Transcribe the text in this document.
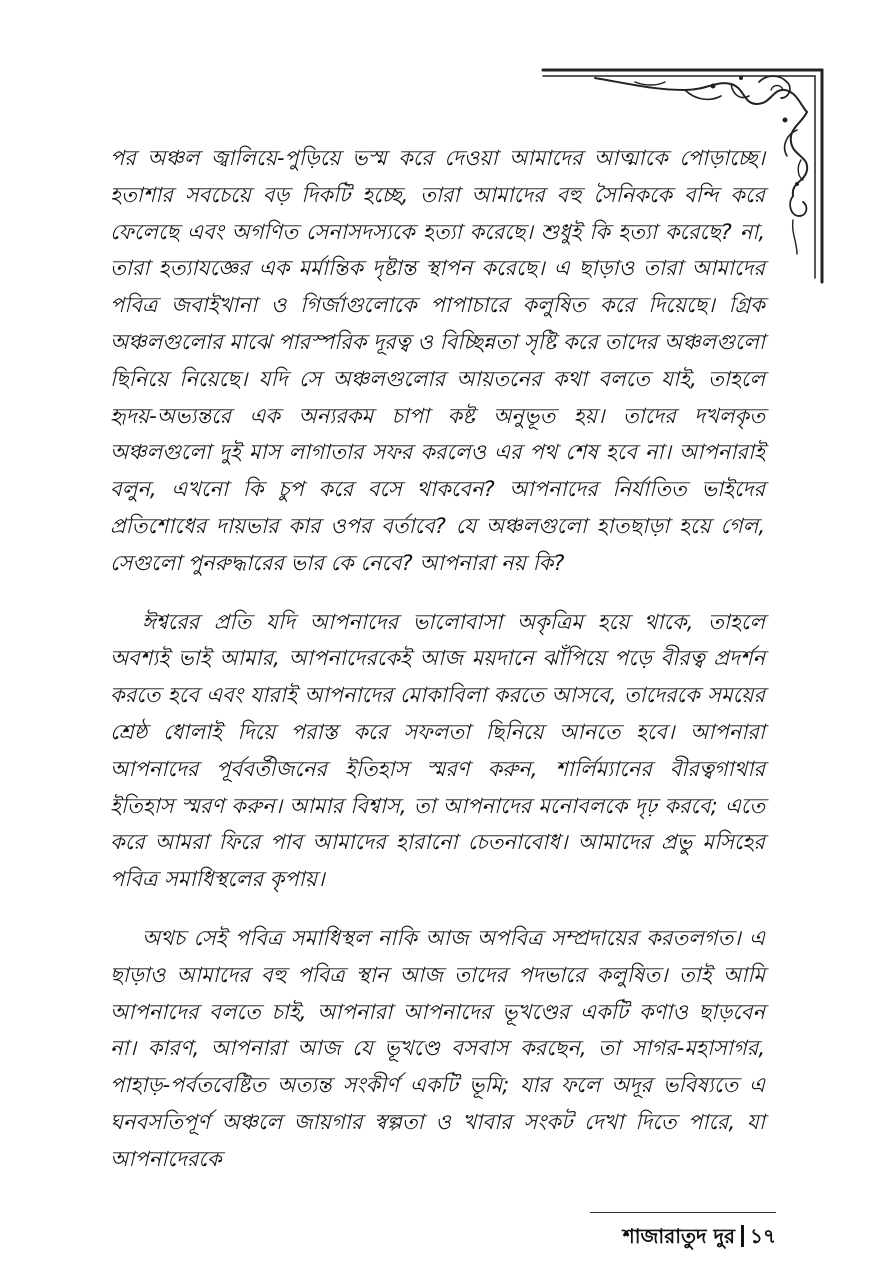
পর অঞ্চল জ্বালিয়ে-পুড়িয়ে ভস্ম করে দেওয়া আমাদের আত্মাকে পোড়াচ্ছে। হতাশার সবচেয়ে বড় দিকটি হচ্ছে, তারা আমাদের বহু সৈনিককে বন্দি করে ফেলেছে এবং অগণিত সেনাসদস্যকে হত্যা করেছে। শুধুই কি হত্যা করেছে? না, তারা হত্যাযজ্ঞের এক মর্মান্তিক দৃষ্টান্ত স্থাপন করেছে। এ ছাড়াও তারা আমাদের পবিত্র জবাইখানা ও গির্জাগুলোকে পাপাচারে কলুষিত করে দিয়েছে। গ্রিক অঞ্চলগুলোর মাঝে পারস্পরিক দূরত্ব ও বিচ্ছিন্নতা সৃষ্টি করে তাদের অঞ্চলগুলো ছিনিয়ে নিয়েছে। যদি সে অঞ্চলগুলোর আয়তনের কথা বলতে যাই, তাহলে হৃদয়-অভ্যন্তরে এক অন্যরকম চাপা কষ্ট অনুভূত হয়। তাদের দখলকৃত অঞ্চলগুলো দুই মাস লাগাতার সফর করলেও এর পথ শেষ হবে না। আপনারাই বলুন, এখনো কি চুপ করে বসে থাকবেন? আপনাদের নির্যাতিত ভাইদের প্রতিশোধের দায়ভার কার ওপর বর্তাবে? যে অঞ্চলগুলো হাতছাড়া হয়ে গেল, সেগুলো পুনরুদ্ধারের ভার কে নেবে? আপনারা নয় কি?

ঈশ্বরের প্রতি যদি আপনাদের ভালোবাসা অকৃত্রিম হয়ে থাকে, তাহলে অবশ্যই ভাই আমার, আপনাদেরকেই আজ ময়দানে ঝাঁপিয়ে পড়ে বীরত্ব প্রদর্শন করতে হবে এবং যারাই আপনাদের মোকাবিলা করতে আসবে, তাদেরকে সময়ের শ্রেষ্ঠ ধোলাই দিয়ে পরাস্ত করে সফলতা ছিনিয়ে আনতে হবে। আপনারা আপনাদের পূর্ববর্তীজনের ইতিহাস স্মরণ করুন, শার্লিম্যানের বীরত্বগাথার ইতিহাস স্মরণ করুন। আমার বিশ্বাস, তা আপনাদের মনোবলকে দৃঢ় করবে; এতে করে আমরা ফিরে পাব আমাদের হারানো চেতনাবোধ। আমাদের প্রভু মসিহের পবিত্র সমাধিস্থলের কৃপায়।

অথচ সেই পবিত্র সমাধিস্থল নাকি আজ অপবিত্র সম্প্রদায়ের করতলগত। এ ছাড়াও আমাদের বহু পবিত্র স্থান আজ তাদের পদভারে কলুষিত। তাই আমি আপনাদের বলতে চাই, আপনারা আপনাদের ভূখণ্ডের একটি কণাও ছাড়বেন না। কারণ, আপনারা আজ যে ভূখণ্ডে বসবাস করছেন, তা সাগর-মহাসাগর, পাহাড়-পর্বতবেষ্টিত অত্যন্ত সংকীর্ণ একটি ভূমি; যার ফলে অদূর ভবিষ্যতে এ ঘনবসতিপূর্ণ অঞ্চলে জায়গার স্বল্পতা ও খাবার সংকট দেখা দিতে পারে, যা আপনাদেরকে

শাজারাতুদ দুর ১৭
